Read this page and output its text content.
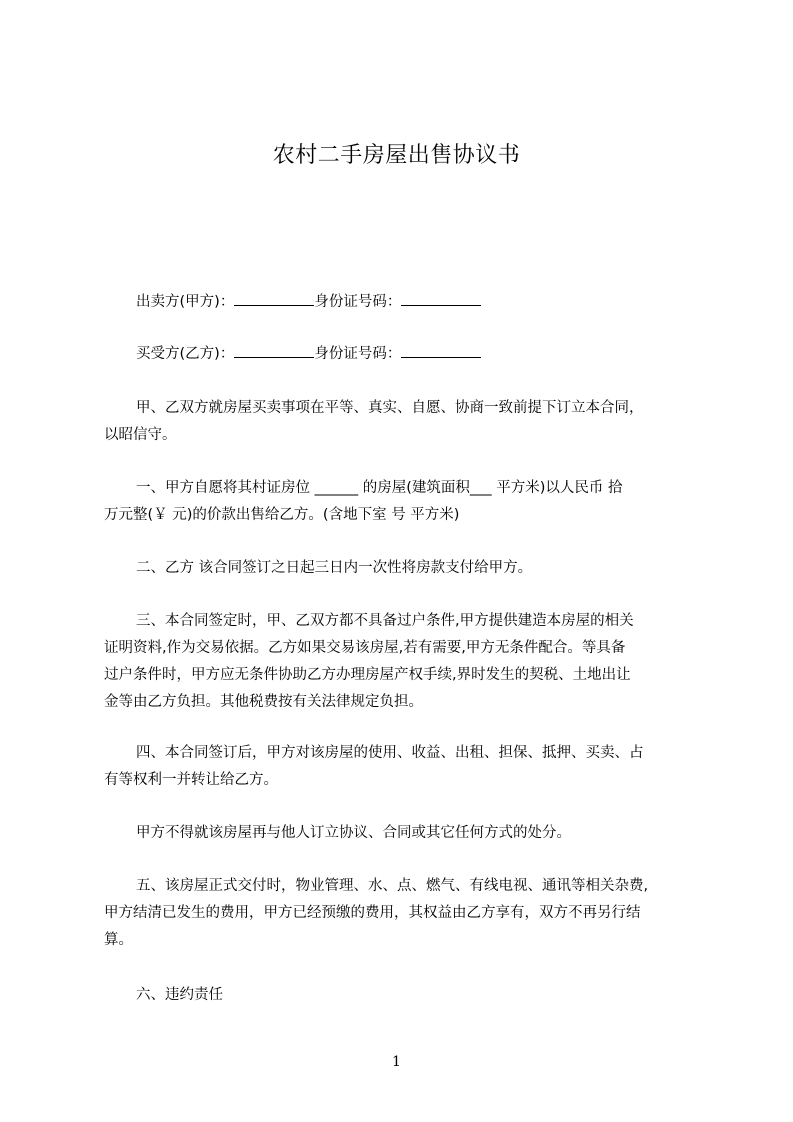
农村二手房屋出售协议书
出卖方(甲方)：	身份证号码：
买受方(乙方)：	身份证号码：
甲、乙双方就房屋买卖事项在平等、真实、自愿、协商一致前提下订立本合同，
以昭信守。
一、甲方自愿将其村证房位 ______ 的房屋(建筑面积___ 平方米)以人民币 拾
万元整(￥ 元)的价款出售给乙方。(含地下室 号 平方米)
二、乙方 该合同签订之日起三日内一次性将房款支付给甲方。
三、本合同签定时，甲、乙双方都不具备过户条件,甲方提供建造本房屋的相关
证明资料,作为交易依据。乙方如果交易该房屋,若有需要,甲方无条件配合。等具备
过户条件时，甲方应无条件协助乙方办理房屋产权手续,界时发生的契税、土地出让
金等由乙方负担。其他税费按有关法律规定负担。
四、本合同签订后，甲方对该房屋的使用、收益、出租、担保、抵押、买卖、占
有等权利一并转让给乙方。
甲方不得就该房屋再与他人订立协议、合同或其它任何方式的处分。
五、该房屋正式交付时，物业管理、水、点、燃气、有线电视、通讯等相关杂费,
甲方结清已发生的费用，甲方已经预缴的费用，其权益由乙方享有，双方不再另行结
算。
六、违约责任
1
